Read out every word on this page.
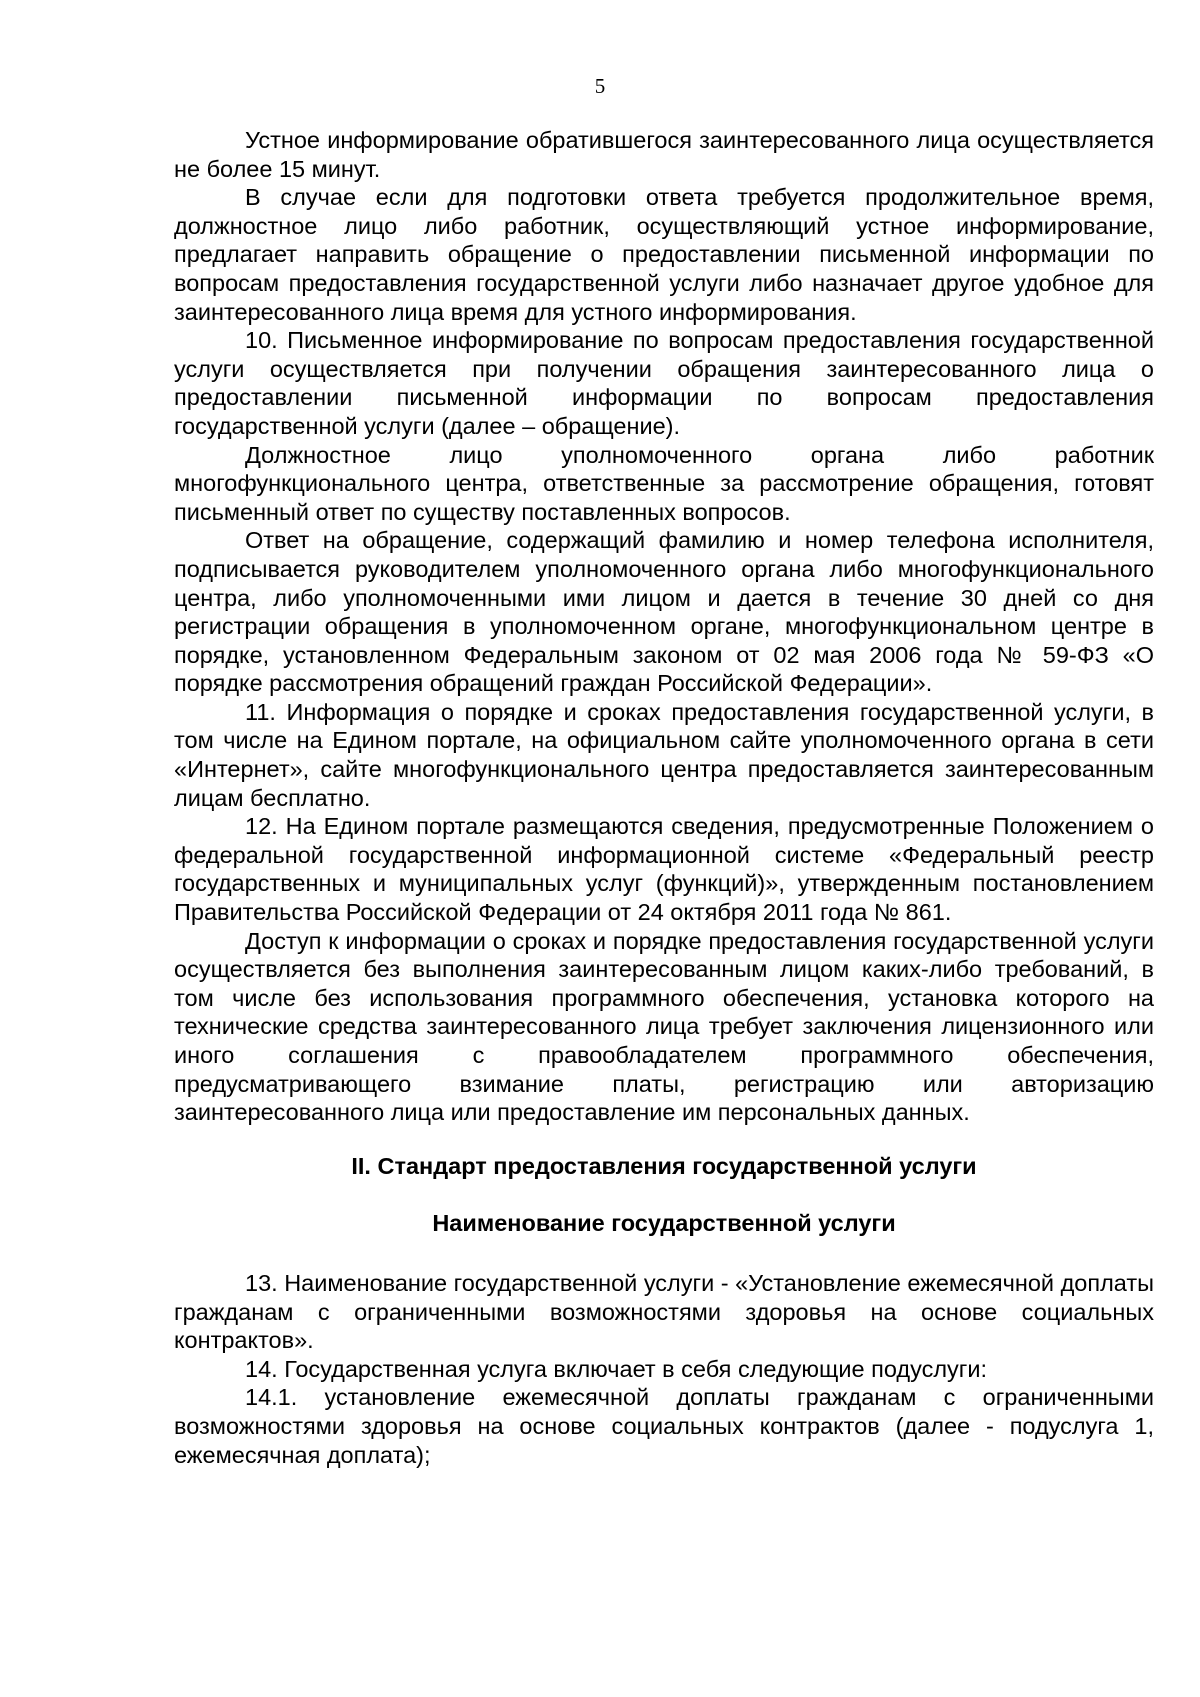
5

Устное информирование обратившегося заинтересованного лица осуществляется не более 15 минут.

В случае если для подготовки ответа требуется продолжительное время, должностное лицо либо работник, осуществляющий устное информирование, предлагает направить обращение о предоставлении письменной информации по вопросам предоставления государственной услуги либо назначает другое удобное для заинтересованного лица время для устного информирования.

10. Письменное информирование по вопросам предоставления государственной услуги осуществляется при получении обращения заинтересованного лица о предоставлении письменной информации по вопросам предоставления государственной услуги (далее – обращение).

Должностное лицо уполномоченного органа либо работник многофункционального центра, ответственные за рассмотрение обращения, готовят письменный ответ по существу поставленных вопросов.

Ответ на обращение, содержащий фамилию и номер телефона исполнителя, подписывается руководителем уполномоченного органа либо многофункционального центра, либо уполномоченными ими лицом и дается в течение 30 дней со дня регистрации обращения в уполномоченном органе, многофункциональном центре в порядке, установленном Федеральным законом от 02 мая 2006 года № 59-ФЗ «О порядке рассмотрения обращений граждан Российской Федерации».

11. Информация о порядке и сроках предоставления государственной услуги, в том числе на Едином портале, на официальном сайте уполномоченного органа в сети «Интернет», сайте многофункционального центра предоставляется заинтересованным лицам бесплатно.

12. На Едином портале размещаются сведения, предусмотренные Положением о федеральной государственной информационной системе «Федеральный реестр государственных и муниципальных услуг (функций)», утвержденным постановлением Правительства Российской Федерации от 24 октября 2011 года № 861.

Доступ к информации о сроках и порядке предоставления государственной услуги осуществляется без выполнения заинтересованным лицом каких-либо требований, в том числе без использования программного обеспечения, установка которого на технические средства заинтересованного лица требует заключения лицензионного или иного соглашения с правообладателем программного обеспечения, предусматривающего взимание платы, регистрацию или авторизацию заинтересованного лица или предоставление им персональных данных.

II. Стандарт предоставления государственной услуги

Наименование государственной услуги

13. Наименование государственной услуги - «Установление ежемесячной доплаты гражданам с ограниченными возможностями здоровья на основе социальных контрактов».

14. Государственная услуга включает в себя следующие подуслуги:

14.1. установление ежемесячной доплаты гражданам с ограниченными возможностями здоровья на основе социальных контрактов (далее - подуслуга 1, ежемесячная доплата);
